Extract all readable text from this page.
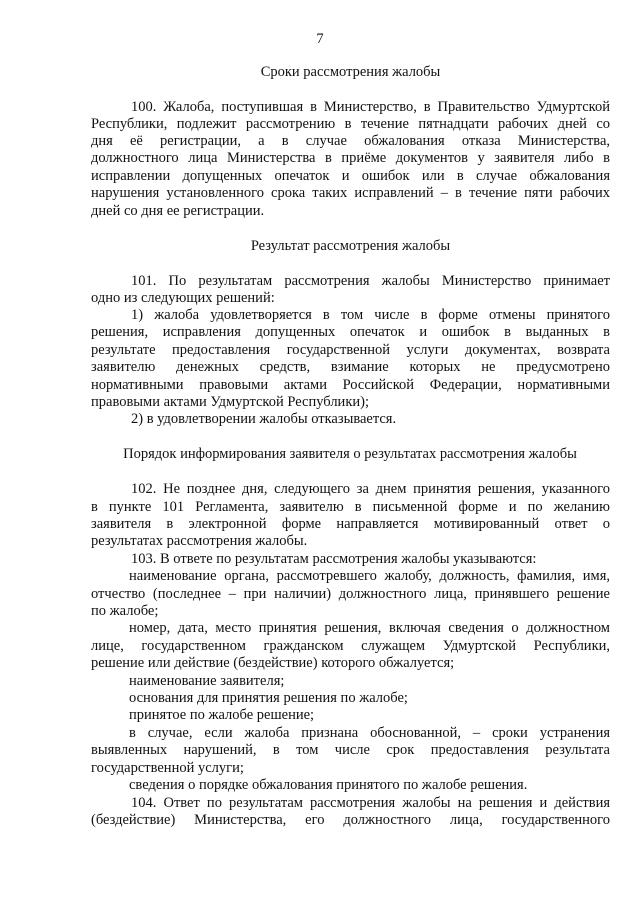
7
Сроки рассмотрения жалобы
100. Жалоба, поступившая в Министерство, в Правительство Удмуртской
Республики, подлежит рассмотрению в течение пятнадцати рабочих дней со
дня её регистрации, а в случае обжалования отказа Министерства,
должностного лица Министерства в приёме документов у заявителя либо в
исправлении допущенных опечаток и ошибок или в случае обжалования
нарушения установленного срока таких исправлений – в течение пяти рабочих
дней со дня ее регистрации.
Результат рассмотрения жалобы
101. По результатам рассмотрения жалобы Министерство принимает
одно из следующих решений:
1) жалоба удовлетворяется в том числе в форме отмены принятого
решения, исправления допущенных опечаток и ошибок в выданных в
результате предоставления государственной услуги документах, возврата
заявителю денежных средств, взимание которых не предусмотрено
нормативными правовыми актами Российской Федерации, нормативными
правовыми актами Удмуртской Республики);
2) в удовлетворении жалобы отказывается.
Порядок информирования заявителя о результатах рассмотрения жалобы
102. Не позднее дня, следующего за днем принятия решения, указанного
в пункте 101 Регламента, заявителю в письменной форме и по желанию
заявителя в электронной форме направляется мотивированный ответ о
результатах рассмотрения жалобы.
103. В ответе по результатам рассмотрения жалобы указываются:
наименование органа, рассмотревшего жалобу, должность, фамилия, имя,
отчество (последнее – при наличии) должностного лица, принявшего решение
по жалобе;
номер, дата, место принятия решения, включая сведения о должностном
лице, государственном гражданском служащем Удмуртской Республики,
решение или действие (бездействие) которого обжалуется;
наименование заявителя;
основания для принятия решения по жалобе;
принятое по жалобе решение;
в случае, если жалоба признана обоснованной, – сроки устранения
выявленных нарушений, в том числе срок предоставления результата
государственной услуги;
сведения о порядке обжалования принятого по жалобе решения.
104. Ответ по результатам рассмотрения жалобы на решения и действия
(бездействие) Министерства, его должностного лица, государственного
